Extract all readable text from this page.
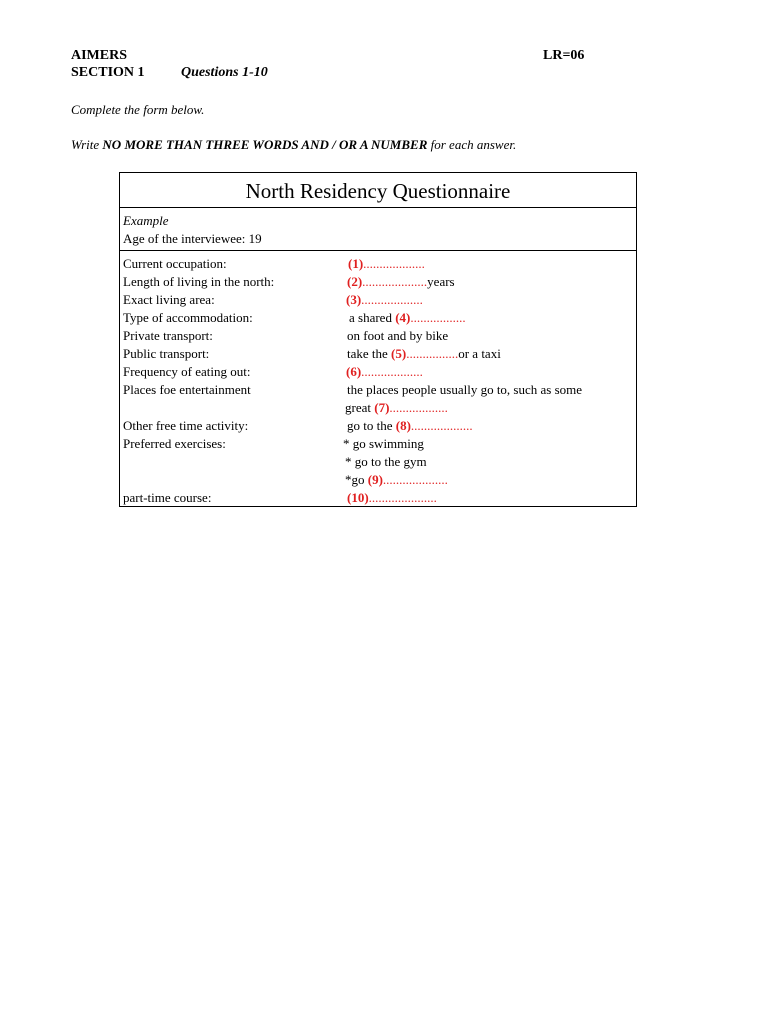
AIMERS	LR=06
SECTION 1	Questions 1-10
Complete the form below.
Write NO MORE THAN THREE WORDS AND / OR A NUMBER for each answer.
North Residency Questionnaire
Example
Age of the interviewee: 19
Current occupation:
Length of living in the north:
Exact living area:
Type of accommodation:
Private transport:
Public transport:
Frequency of eating out:
Places foe entertainment
Other free time activity:
Preferred exercises:
part-time course:
(1)...................
(2)....................years
(3)...................
a shared (4).................
on foot and by bike
take the (5)................or a taxi
(6)...................
the places people usually go to, such as some
great (7)..................
go to the (8)...................
* go swimming
* go to the gym
*go (9)....................
(10).....................
